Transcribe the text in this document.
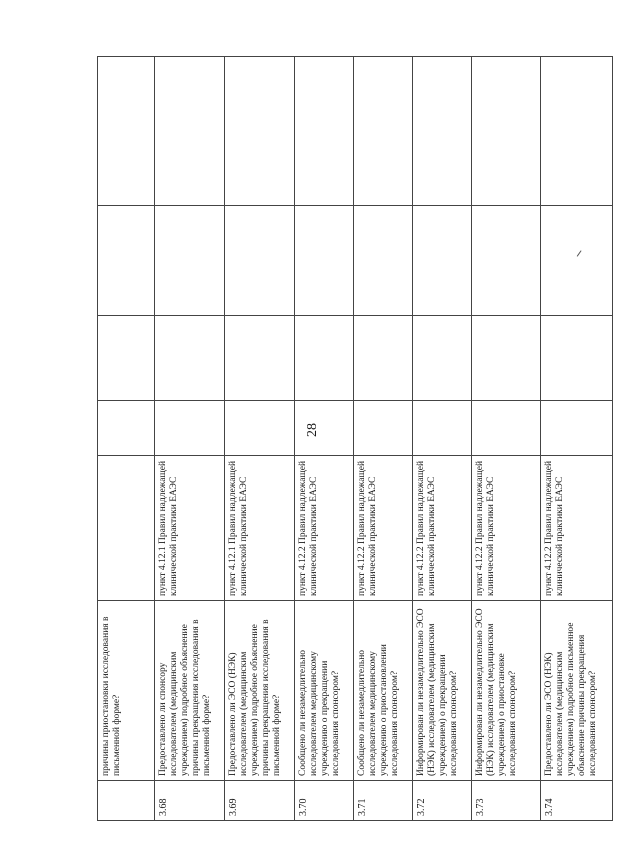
28
	причины приостановки исследования в письменной форме?					
3.68	Предоставлено ли спонсору исследователем (медицинским учреждением) подробное объяснение причины прекращения исследования в письменной форме?	пункт 4.12.1 Правил надлежащей клинической практики ЕАЭС				
3.69	Предоставлено ли ЭСО (НЭК) исследователем (медицинским учреждением) подробное объяснение причины прекращения исследования в письменной форме?	пункт 4.12.1 Правил надлежащей клинической практики ЕАЭС				
3.70	Сообщено ли незамедлительно исследователем медицинскому учреждению о прекращении исследования спонсором?	пункт 4.12.2 Правил надлежащей клинической практики ЕАЭС				
3.71	Сообщено ли незамедлительно исследователем медицинскому учреждению о приостановлении исследования спонсором?	пункт 4.12.2 Правил надлежащей клинической практики ЕАЭС				
3.72	Информирован ли незамедлительно ЭСО (НЭК) исследователем (медицинским учреждением) о прекращении исследования спонсором?	пункт 4.12.2 Правил надлежащей клинической практики ЕАЭС				
3.73	Информирован ли незамедлительно ЭСО (НЭК) исследователем (медицинским учреждением) о приостановке исследования спонсором?	пункт 4.12.2 Правил надлежащей клинической практики ЕАЭС				
3.74	Предоставлено ли ЭСО (НЭК) исследователем (медицинским учреждением) подробное письменное объяснение причины прекращения исследования спонсором?	пункт 4.12.2 Правил надлежащей клинической практики ЕАЭС				
